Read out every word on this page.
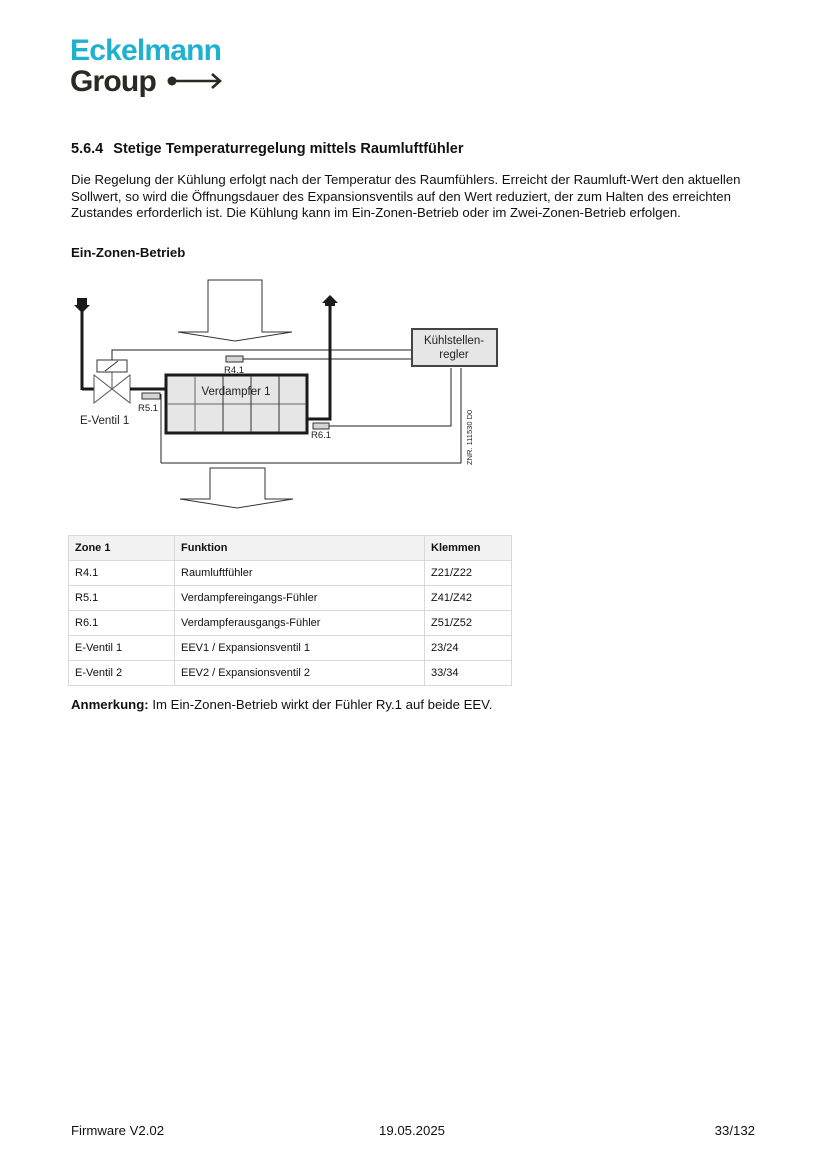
Eckelmann
Group
5.6.4 Stetige Temperaturregelung mittels Raumluftfühler
Die Regelung der Kühlung erfolgt nach der Temperatur des Raumfühlers. Erreicht der Raumluft-Wert den aktuellen Sollwert, so wird die Öffnungsdauer des Expansionsventils auf den Wert reduziert, der zum Halten des erreichten Zustandes erforderlich ist. Die Kühlung kann im Ein-Zonen-Betrieb oder im Zwei-Zonen-Betrieb erfolgen.
Ein-Zonen-Betrieb
Kühlstellen-
regler
Verdampfer 1
E-Ventil 1
R4.1
R5.1
R6.1	ZNR. 111530 D0
Zone 1	Funktion	Klemmen
R4.1	Raumluftfühler	Z21/Z22
R5.1	Verdampfereingangs-Fühler	Z41/Z42
R6.1	Verdampferausgangs-Fühler	Z51/Z52
E-Ventil 1	EEV1 / Expansionsventil 1	23/24
E-Ventil 2	EEV2 / Expansionsventil 2	33/34
Anmerkung: Im Ein-Zonen-Betrieb wirkt der Fühler Ry.1 auf beide EEV.
Firmware V2.02	19.05.2025	33/132
